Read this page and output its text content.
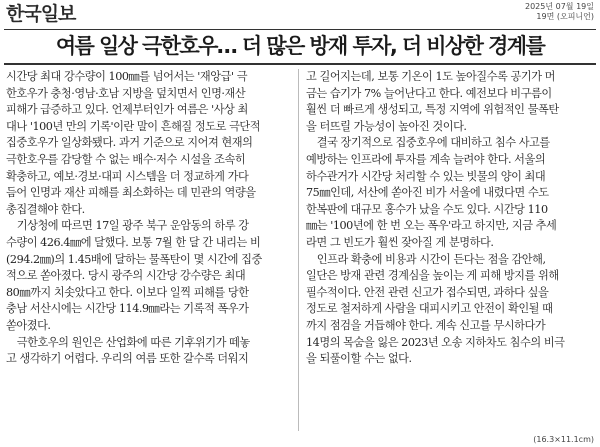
한국일보	2025년 07월 19일
19면 (오피니언)
여름 일상 극한호우… 더 많은 방재 투자, 더 비상한 경계를
시간당 최대 강수량이 100㎜를 넘어서는 '재앙급' 극
한호우가 충청·영남·호남 지방을 덮치면서 인명·재산
피해가 급증하고 있다. 언제부터인가 여름은 '사상 최
대나 '100년 만의 기록'이란 말이 흔해질 정도로 극단적
집중호우가 일상화됐다. 과거 기준으로 지어져 현재의
극한호우를 감당할 수 없는 배수·저수 시설을 조속히
확충하고, 예보·경보·대피 시스템을 더 정교하게 가다
듬어 인명과 재산 피해를 최소화하는 데 민관의 역량을
총집결해야 한다.
　기상청에 따르면 17일 광주 북구 운암동의 하루 강
수량이 426.4㎜에 달했다. 보통 7월 한 달 간 내리는 비
(294.2㎜)의 1.45배에 달하는 물폭탄이 몇 시간에 집중
적으로 쏟아졌다. 당시 광주의 시간당 강수량은 최대
80㎜까지 치솟았다고 한다. 이보다 일찍 피해를 당한
충남 서산시에는 시간당 114.9㎜라는 기록적 폭우가
쏟아졌다.
　극한호우의 원인은 산업화에 따른 기후위기가 떼놓
고 생각하기 어렵다. 우리의 여름 또한 갈수록 더워지
고 길어지는데, 보통 기온이 1도 높아질수록 공기가 머
금는 습기가 7% 늘어난다고 한다. 예전보다 비구름이
훨씬 더 빠르게 생성되고, 특정 지역에 위험적인 물폭탄
을 터뜨릴 가능성이 높아진 것이다.
　결국 장기적으로 집중호우에 대비하고 침수 사고를
예방하는 인프라에 투자를 계속 늘려야 한다. 서울의
하수관거가 시간당 처리할 수 있는 빗물의 양이 최대
75㎜인데, 서산에 쏟아진 비가 서울에 내렸다면 수도
한복판에 대규모 홍수가 났을 수도 있다. 시간당 110
㎜는 '100년에 한 번 오는 폭우'라고 하지만, 지금 추세
라면 그 빈도가 훨씬 잦아질 게 분명하다.
　인프라 확충에 비용과 시간이 든다는 점을 감안해,
일단은 방재 관련 경계심을 높이는 게 피해 방지를 위해
필수적이다. 안전 관련 신고가 접수되면, 과하다 싶을
정도로 철저하게 사람을 대피시키고 안전이 확인될 때
까지 점검을 거듭해야 한다. 계속 신고를 무시하다가
14명의 목숨을 잃은 2023년 오송 지하차도 침수의 비극
을 되풀이할 수는 없다.
(16.3×11.1cm)
